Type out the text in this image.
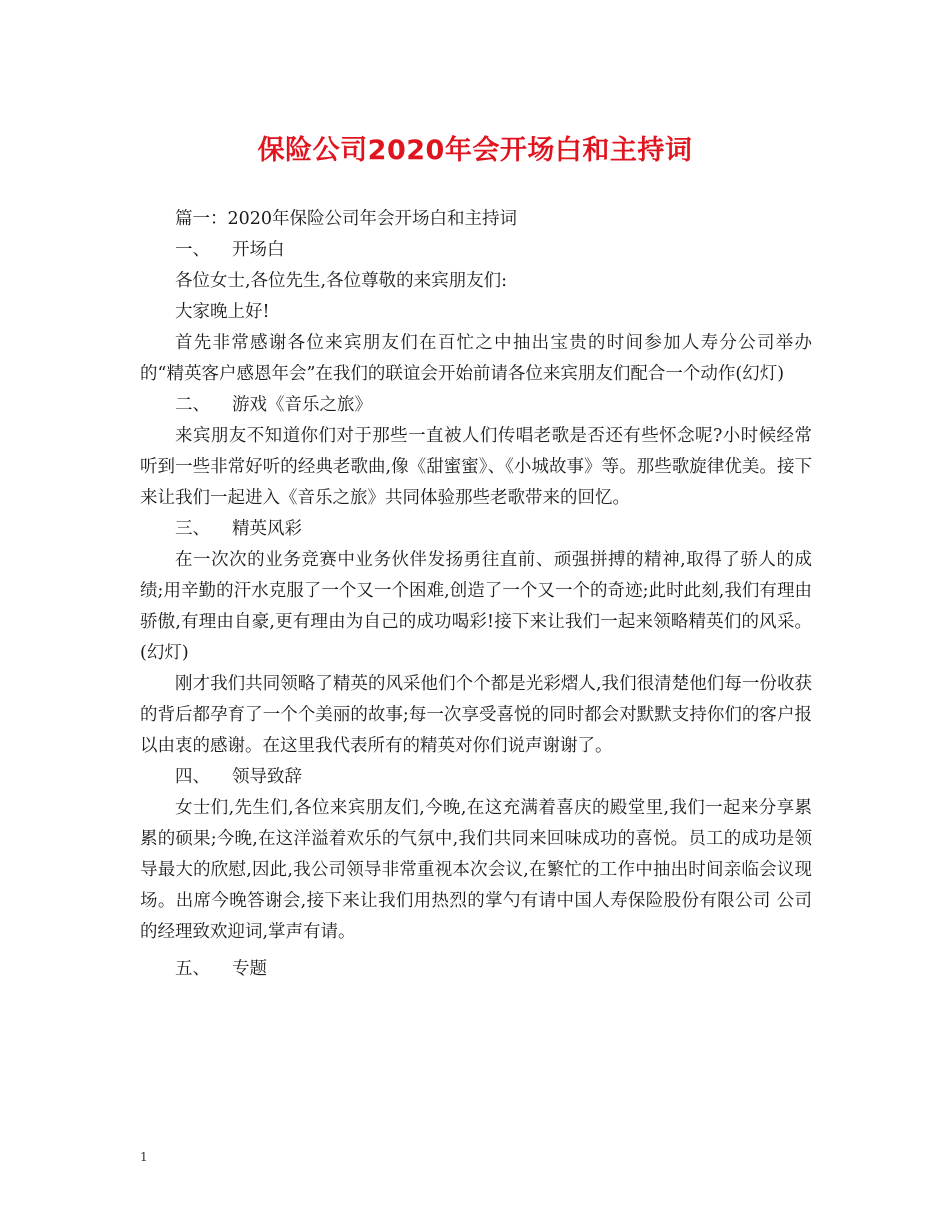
保险公司2020年会开场白和主持词

篇一：2020年保险公司年会开场白和主持词

一、 开场白

各位女士,各位先生,各位尊敬的来宾朋友们:

大家晚上好!

首先非常感谢各位来宾朋友们在百忙之中抽出宝贵的时间参加人寿分公司举办的“精英客户感恩年会”在我们的联谊会开始前请各位来宾朋友们配合一个动作(幻灯)

二、 游戏《音乐之旅》

来宾朋友不知道你们对于那些一直被人们传唱老歌是否还有些怀念呢?小时候经常听到一些非常好听的经典老歌曲,像《甜蜜蜜》、《小城故事》等。那些歌旋律优美。接下来让我们一起进入《音乐之旅》共同体验那些老歌带来的回忆。

三、 精英风彩

在一次次的业务竞赛中业务伙伴发扬勇往直前、顽强拼搏的精神,取得了骄人的成绩;用辛勤的汗水克服了一个又一个困难,创造了一个又一个的奇迹;此时此刻,我们有理由骄傲,有理由自豪,更有理由为自己的成功喝彩!接下来让我们一起来领略精英们的风采。(幻灯)

刚才我们共同领略了精英的风采他们个个都是光彩熠人,我们很清楚他们每一份收获的背后都孕育了一个个美丽的故事;每一次享受喜悦的同时都会对默默支持你们的客户报以由衷的感谢。在这里我代表所有的精英对你们说声谢谢了。

四、 领导致辞

女士们,先生们,各位来宾朋友们,今晚,在这充满着喜庆的殿堂里,我们一起来分享累累的硕果;今晚,在这洋溢着欢乐的气氛中,我们共同来回味成功的喜悦。员工的成功是领导最大的欣慰,因此,我公司领导非常重视本次会议,在繁忙的工作中抽出时间亲临会议现场。出席今晚答谢会,接下来让我们用热烈的掌勺有请中国人寿保险股份有限公司 公司的经理致欢迎词,掌声有请。

五、 专题

1
